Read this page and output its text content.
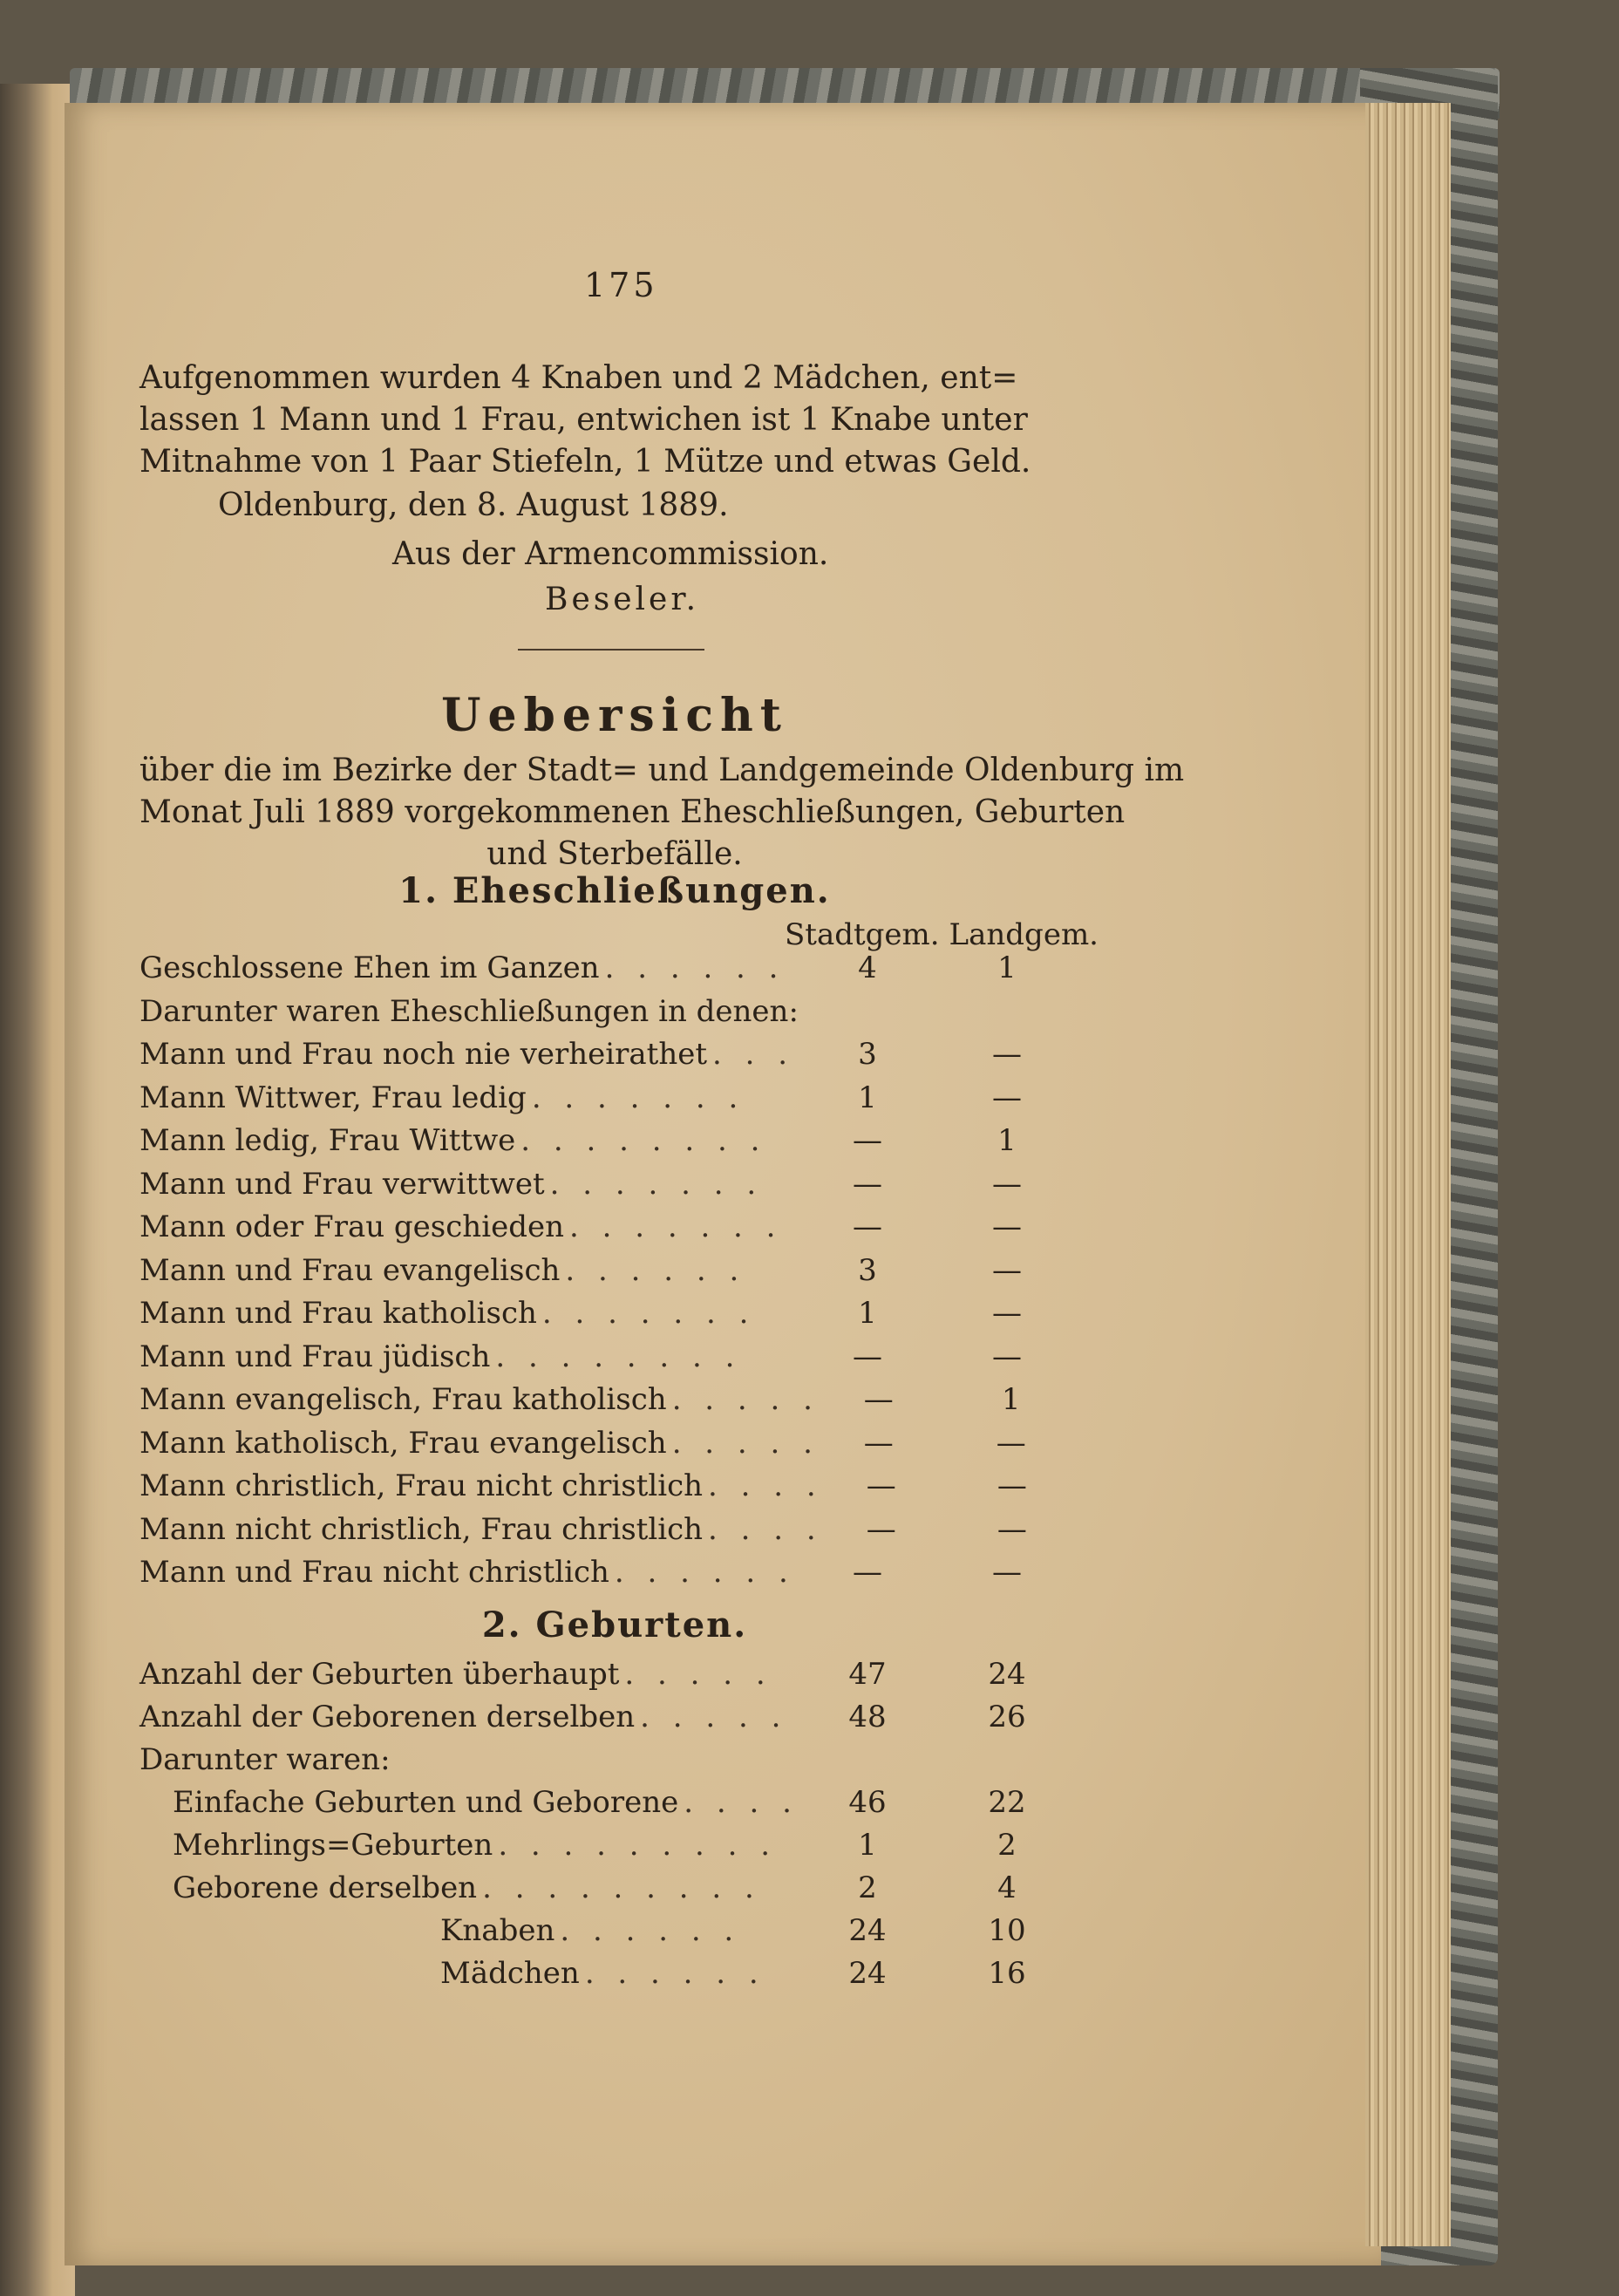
175
Aufgenommen wurden 4 Knaben und 2 Mädchen, ent=
lassen 1 Mann und 1 Frau, entwichen ist 1 Knabe unter
Mitnahme von 1 Paar Stiefeln, 1 Mütze und etwas Geld.
Oldenburg, den 8. August 1889.
Aus der Armencommission.
Beseler.
Uebersicht
über die im Bezirke der Stadt= und Landgemeinde Oldenburg im
Monat Juli 1889 vorgekommenen Eheschließungen, Geburten
und Sterbefälle.
1. Eheschließungen.
Stadtgem. Landgem.
Geschlossene Ehen im Ganzen . . . . . .	4	1
Darunter waren Eheschließungen in denen:
Mann und Frau noch nie verheirathet . . .	3	—
Mann Wittwer, Frau ledig . . . . . . .	1	—
Mann ledig, Frau Wittwe . . . . . . . .	—	1
Mann und Frau verwittwet . . . . . . .	—	—
Mann oder Frau geschieden . . . . . . .	—	—
Mann und Frau evangelisch . . . . . .	3	—
Mann und Frau katholisch . . . . . . .	1	—
Mann und Frau jüdisch . . . . . . . .	—	—
Mann evangelisch, Frau katholisch . . . . .	—	1
Mann katholisch, Frau evangelisch . . . . .	—	—
Mann christlich, Frau nicht christlich . . . .	—	—
Mann nicht christlich, Frau christlich . . . .	—	—
Mann und Frau nicht christlich . . . . . .	—	—
2. Geburten.
Anzahl der Geburten überhaupt . . . . .	47	24
Anzahl der Geborenen derselben . . . . .	48	26
Darunter waren:
Einfache Geburten und Geborene . . . .	46	22
Mehrlings=Geburten . . . . . . . . .	1	2
Geborene derselben . . . . . . . . .	2	4
Knaben . . . . . .	24	10
Mädchen . . . . . .	24	16
